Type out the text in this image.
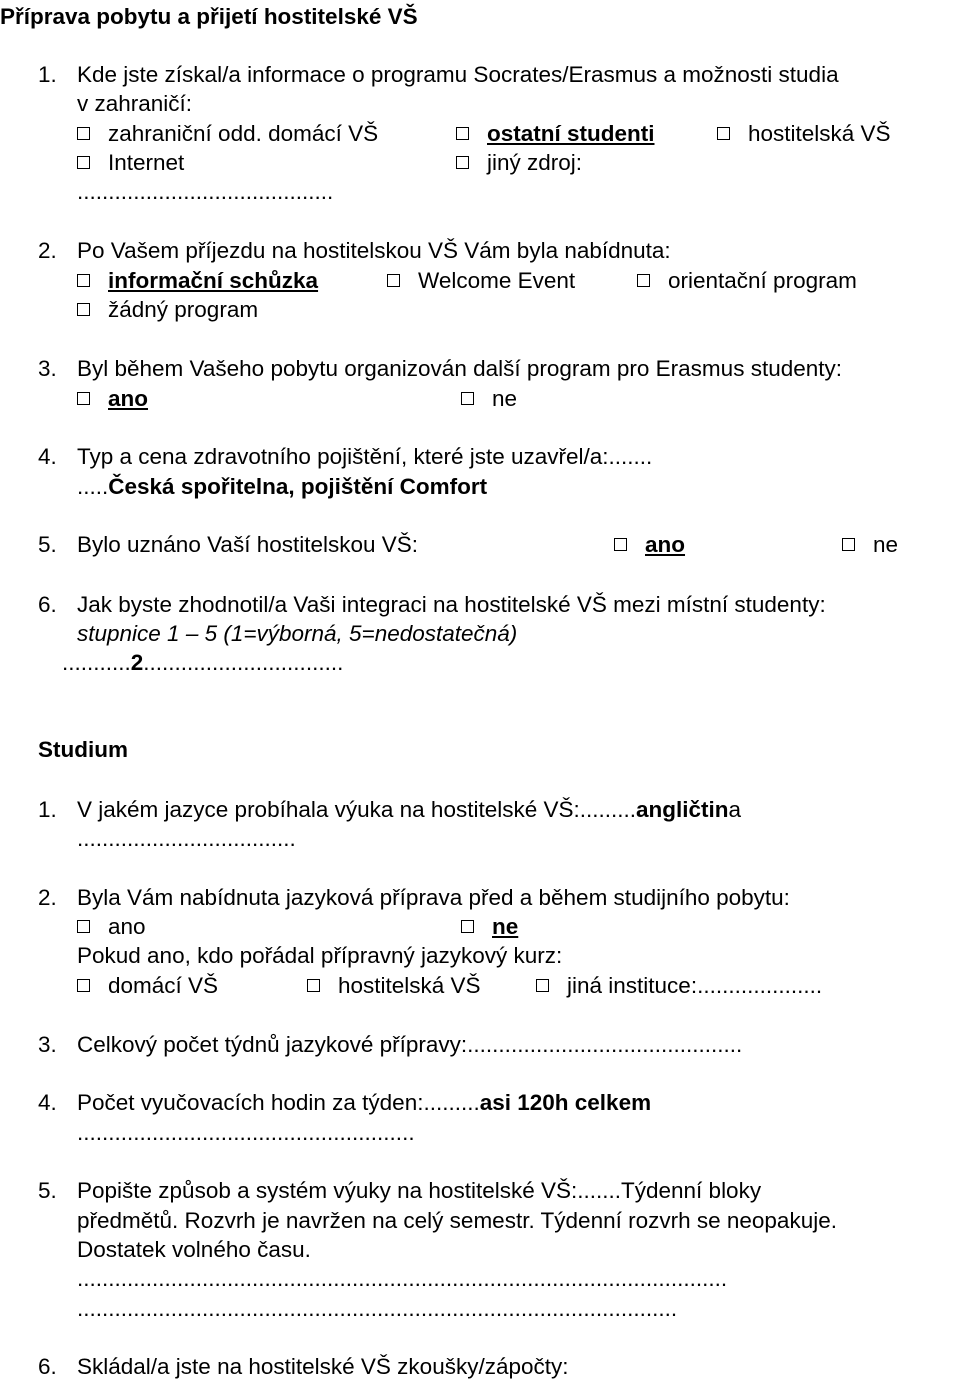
Příprava pobytu a přijetí hostitelské VŠ
1. Kde jste získal/a informace o programu Socrates/Erasmus a možnosti studia
v zahraničí:
zahraniční odd. domácí VŠ	ostatní studenti	hostitelská VŠ
Internet	jiný zdroj:
.........................................
2. Po Vašem příjezdu na hostitelskou VŠ Vám byla nabídnuta:
informační schůzka	Welcome Event	orientační program
žádný program
3. Byl během Vašeho pobytu organizován další program pro Erasmus studenty:
ano	ne
4. Typ a cena zdravotního pojištění, které jste uzavřel/a:.......
.....Česká spořitelna, pojištění Comfort
5. Bylo uznáno Vaší hostitelskou VŠ:	ano	ne
6. Jak byste zhodnotil/a Vaši integraci na hostitelské VŠ mezi místní studenty:
stupnice 1 – 5 (1=výborná, 5=nedostatečná)
...........2................................
Studium
1. V jakém jazyce probíhala výuka na hostitelské VŠ:.........angličtina
...................................
2. Byla Vám nabídnuta jazyková příprava před a během studijního pobytu:
ano	ne
Pokud ano, kdo pořádal přípravný jazykový kurz:
domácí VŠ	hostitelská VŠ	jiná instituce:....................
3. Celkový počet týdnů jazykové přípravy:............................................
4. Počet vyučovacích hodin za týden:.........asi 120h celkem
......................................................
5. Popište způsob a systém výuky na hostitelské VŠ:.......Týdenní bloky
předmětů. Rozvrh je navržen na celý semestr. Týdenní rozvrh se neopakuje.
Dostatek volného času.
........................................................................................................
................................................................................................
6. Skládal/a jste na hostitelské VŠ zkoušky/zápočty:
